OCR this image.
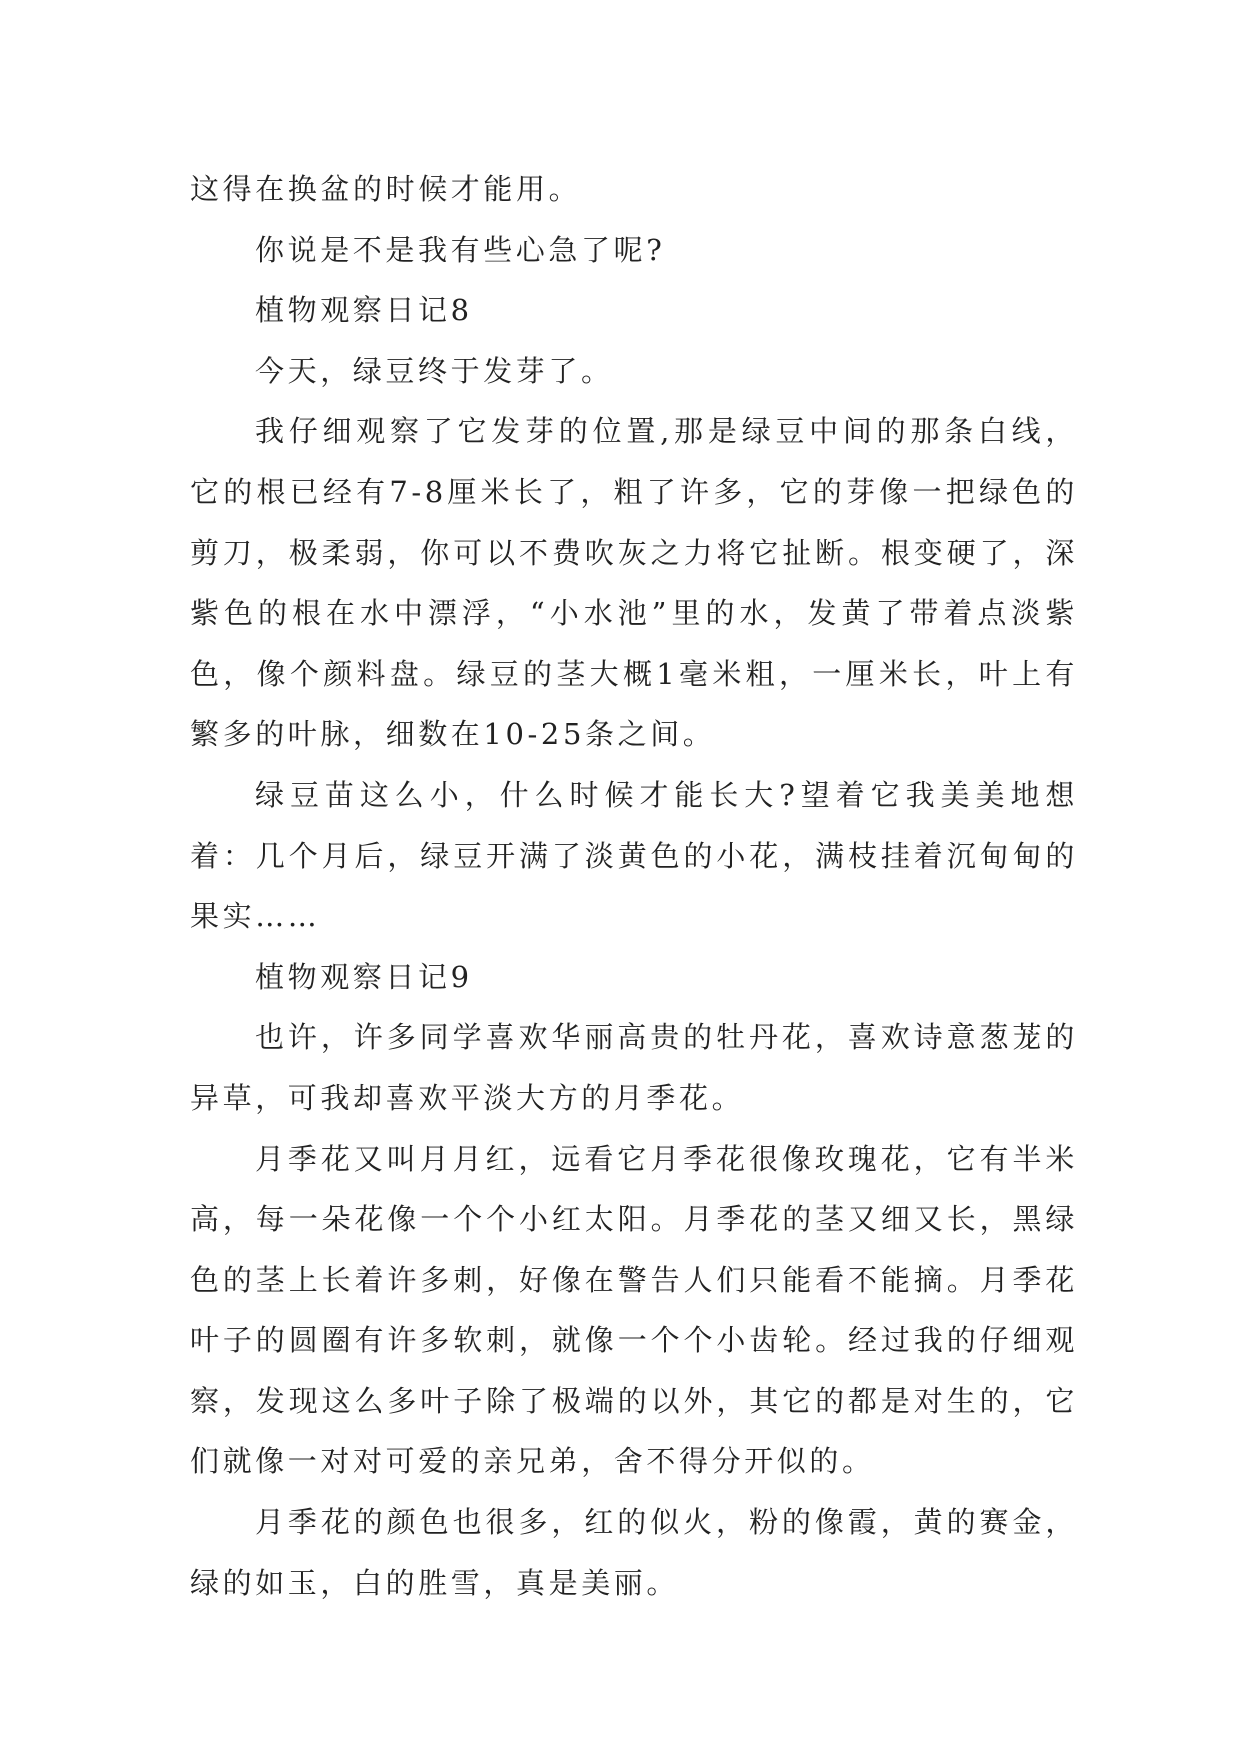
这得在换盆的时候才能用。

你说是不是我有些心急了呢?

植物观察日记8

今天，绿豆终于发芽了。

我仔细观察了它发芽的位置,那是绿豆中间的那条白线，它的根已经有7-8厘米长了，粗了许多，它的芽像一把绿色的剪刀，极柔弱，你可以不费吹灰之力将它扯断。根变硬了，深紫色的根在水中漂浮，“小水池”里的水，发黄了带着点淡紫色，像个颜料盘。绿豆的茎大概1毫米粗，一厘米长，叶上有繁多的叶脉，细数在10-25条之间。

绿豆苗这么小，什么时候才能长大?望着它我美美地想着：几个月后，绿豆开满了淡黄色的小花，满枝挂着沉甸甸的果实……

植物观察日记9

也许，许多同学喜欢华丽高贵的牡丹花，喜欢诗意葱茏的异草，可我却喜欢平淡大方的月季花。

月季花又叫月月红，远看它月季花很像玫瑰花，它有半米高，每一朵花像一个个小红太阳。月季花的茎又细又长，黑绿色的茎上长着许多刺，好像在警告人们只能看不能摘。月季花叶子的圆圈有许多软刺，就像一个个小齿轮。经过我的仔细观察，发现这么多叶子除了极端的以外，其它的都是对生的，它们就像一对对可爱的亲兄弟，舍不得分开似的。

月季花的颜色也很多，红的似火，粉的像霞，黄的赛金，绿的如玉，白的胜雪，真是美丽。
